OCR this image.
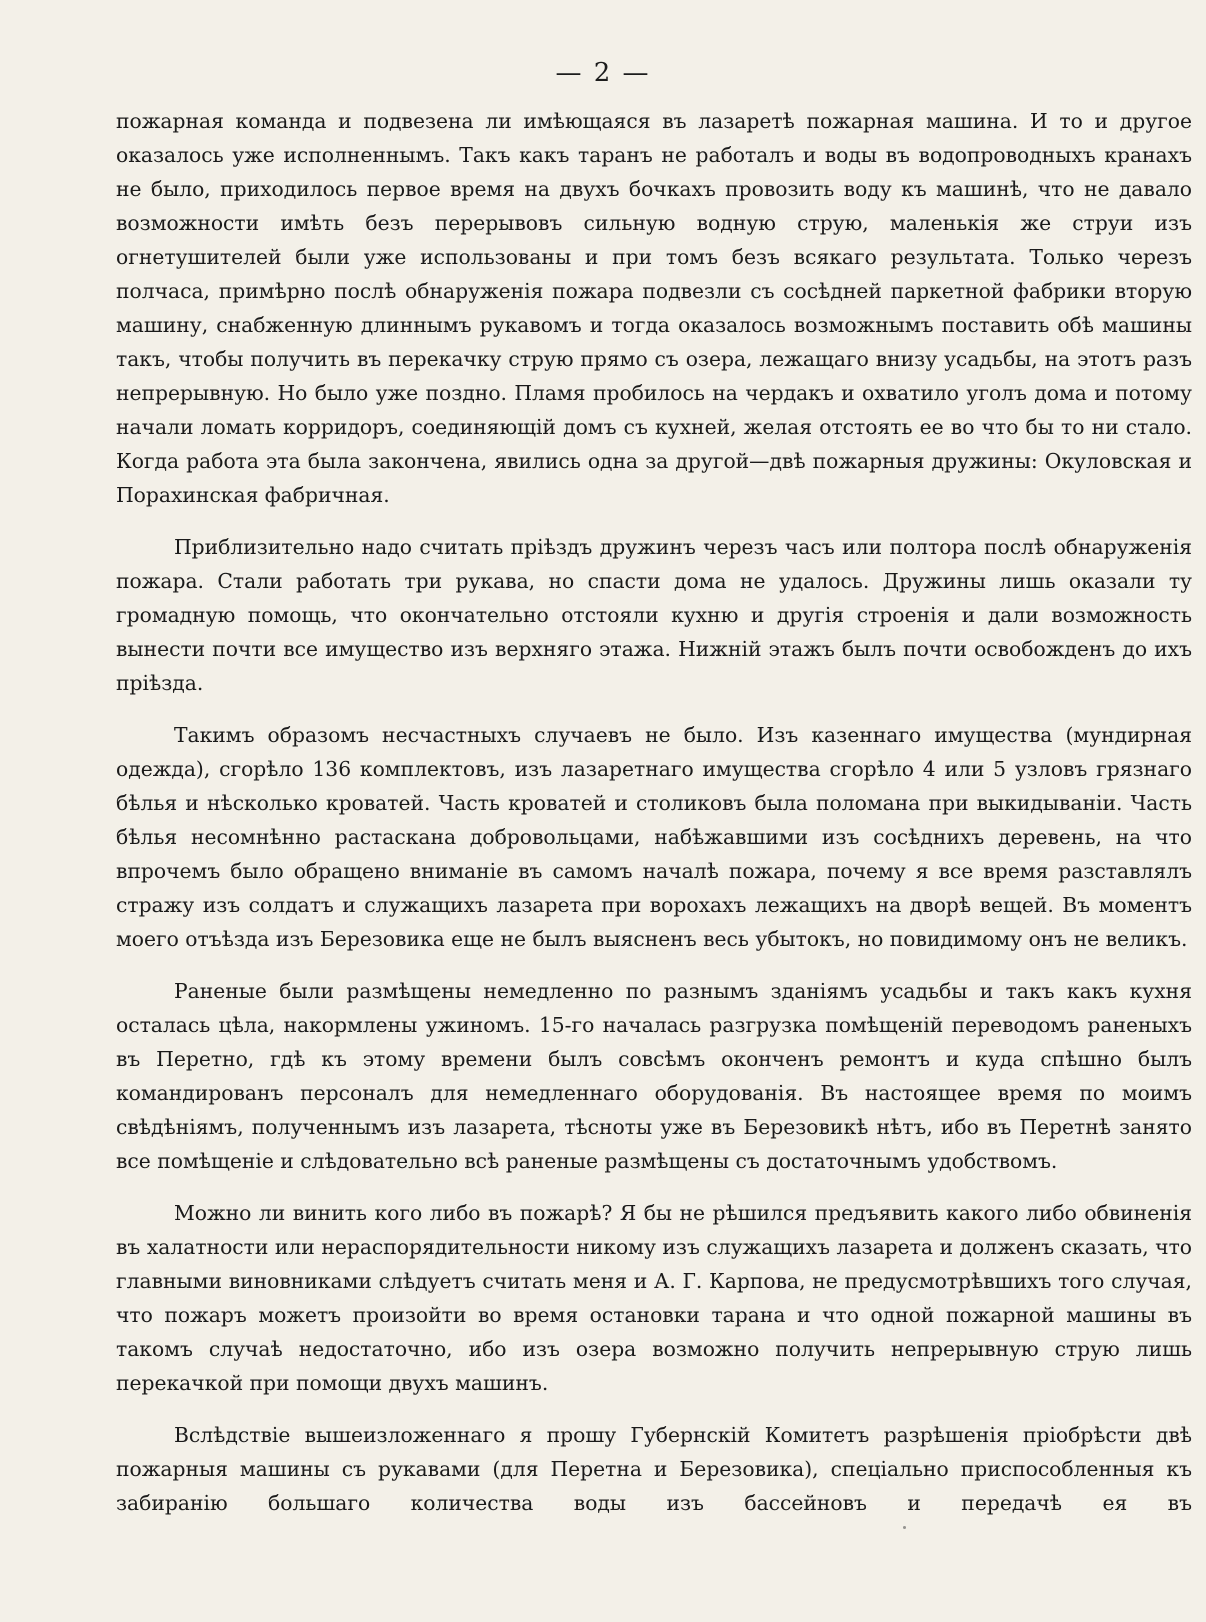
— 2 —

пожарная команда и подвезена ли имѣющаяся въ лазаретѣ пожарная машина. И то и другое оказалось уже исполненнымъ. Такъ какъ таранъ не работалъ и воды въ водопроводныхъ кранахъ не было, приходилось первое время на двухъ бочкахъ провозить воду къ машинѣ, что не давало возможности имѣть безъ перерывовъ сильную водную струю, маленькія же струи изъ огнетушителей были уже использованы и при томъ безъ всякаго результата. Только черезъ полчаса, примѣрно послѣ обнаруженія пожара подвезли съ сосѣдней паркетной фабрики вторую машину, снабженную длиннымъ рукавомъ и тогда оказалось возможнымъ поставить обѣ машины такъ, чтобы получить въ перекачку струю прямо съ озера, лежащаго внизу усадьбы, на этотъ разъ непрерывную. Но было уже поздно. Пламя пробилось на чердакъ и охватило уголъ дома и потому начали ломать корридоръ, соединяющій домъ съ кухней, желая отстоять ее во что бы то ни стало. Когда работа эта была закончена, явились одна за другой—двѣ пожарныя дружины: Окуловская и Порахинская фабричная.

Приблизительно надо считать пріѣздъ дружинъ черезъ часъ или полтора послѣ обнаруженія пожара. Стали работать три рукава, но спасти дома не удалось. Дружины лишь оказали ту громадную помощь, что окончательно отстояли кухню и другія строенія и дали возможность вынести почти все имущество изъ верхняго этажа. Нижній этажъ былъ почти освобожденъ до ихъ пріѣзда.

Такимъ образомъ несчастныхъ случаевъ не было. Изъ казеннаго имущества (мундирная одежда), сгорѣло 136 комплектовъ, изъ лазаретнаго имущества сгорѣло 4 или 5 узловъ грязнаго бѣлья и нѣсколько кроватей. Часть кроватей и столиковъ была поломана при выкидываніи. Часть бѣлья несомнѣнно растаскана добровольцами, набѣжавшими изъ сосѣднихъ деревень, на что впрочемъ было обращено вниманіе въ самомъ началѣ пожара, почему я все время разставлялъ стражу изъ солдатъ и служащихъ лазарета при ворохахъ лежащихъ на дворѣ вещей. Въ моментъ моего отъѣзда изъ Березовика еще не былъ выясненъ весь убытокъ, но повидимому онъ не великъ.

Раненые были размѣщены немедленно по разнымъ зданіямъ усадьбы и такъ какъ кухня осталась цѣла, накормлены ужиномъ. 15-го началась разгрузка помѣщеній переводомъ раненыхъ въ Перетно, гдѣ къ этому времени былъ совсѣмъ оконченъ ремонтъ и куда спѣшно былъ командированъ персоналъ для немедленнаго оборудованія. Въ настоящее время по моимъ свѣдѣніямъ, полученнымъ изъ лазарета, тѣсноты уже въ Березовикѣ нѣтъ, ибо въ Перетнѣ занято все помѣщеніе и слѣдовательно всѣ раненые размѣщены съ достаточнымъ удобствомъ.

Можно ли винить кого либо въ пожарѣ? Я бы не рѣшился предъявить какого либо обвиненія въ халатности или нераспорядительности никому изъ служащихъ лазарета и долженъ сказать, что главными виновниками слѣдуетъ считать меня и А. Г. Карпова, не предусмотрѣвшихъ того случая, что пожаръ можетъ произойти во время остановки тарана и что одной пожарной машины въ такомъ случаѣ недостаточно, ибо изъ озера возможно получить непрерывную струю лишь перекачкой при помощи двухъ машинъ.

Вслѣдствіе вышеизложеннаго я прошу Губернскій Комитетъ разрѣшенія пріобрѣсти двѣ пожарныя машины съ рукавами (для Перетна и Березовика), спеціально приспособленныя къ забиранію большаго количества воды изъ бассейновъ и передачѣ ея въ
